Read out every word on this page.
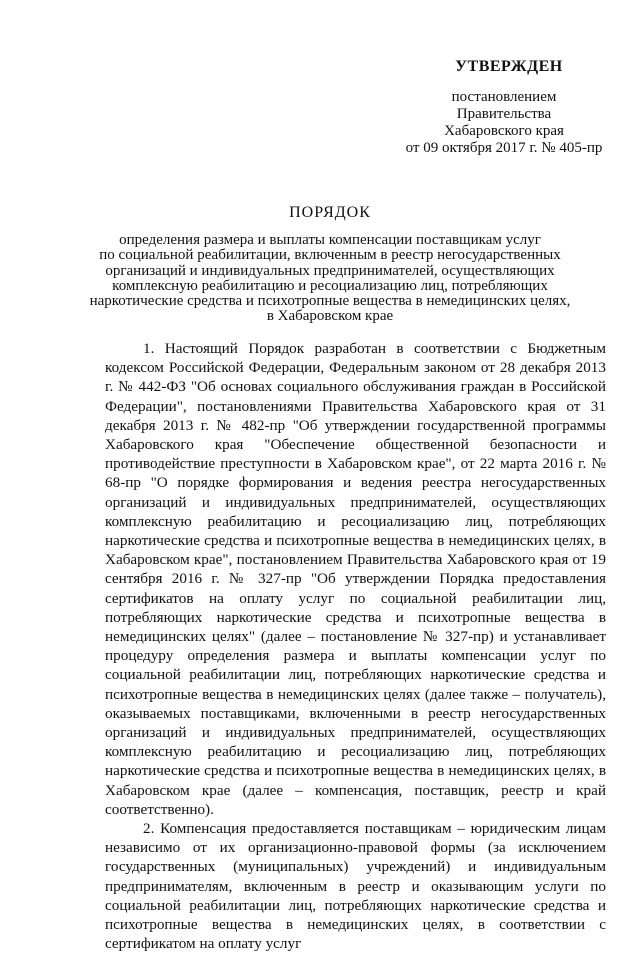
УТВЕРЖДЕН
постановлением
Правительства
Хабаровского края
от 09 октября 2017 г. № 405-пр
ПОРЯДОК
определения размера и выплаты компенсации поставщикам услуг
по социальной реабилитации, включенным в реестр негосударственных
организаций и индивидуальных предпринимателей, осуществляющих
комплексную реабилитацию и ресоциализацию лиц, потребляющих
наркотические средства и психотропные вещества в немедицинских целях,
в Хабаровском крае

1. Настоящий Порядок разработан в соответствии с Бюджетным кодексом Российской Федерации, Федеральным законом от 28 декабря 2013 г. № 442-ФЗ "Об основах социального обслуживания граждан в Российской Федерации", постановлениями Правительства Хабаровского края от 31 декабря 2013 г. № 482-пр "Об утверждении государственной программы Хабаровского края "Обеспечение общественной безопасности и противодействие преступности в Хабаровском крае", от 22 марта 2016 г. № 68-пр "О порядке формирования и ведения реестра негосударственных организаций и индивидуальных предпринимателей, осуществляющих комплексную реабилитацию и ресоциализацию лиц, потребляющих наркотические средства и психотропные вещества в немедицинских целях, в Хабаровском крае", постановлением Правительства Хабаровского края от 19 сентября 2016 г. № 327-пр "Об утверждении Порядка предоставления сертификатов на оплату услуг по социальной реабилитации лиц, потребляющих наркотические средства и психотропные вещества в немедицинских целях" (далее – постановление № 327-пр) и устанавливает процедуру определения размера и выплаты компенсации услуг по социальной реабилитации лиц, потребляющих наркотические средства и психотропные вещества в немедицинских целях (далее также – получатель), оказываемых поставщиками, включенными в реестр негосударственных организаций и индивидуальных предпринимателей, осуществляющих комплексную реабилитацию и ресоциализацию лиц, потребляющих наркотические средства и психотропные вещества в немедицинских целях, в Хабаровском крае (далее – компенсация, поставщик, реестр и край соответственно).

2. Компенсация предоставляется поставщикам – юридическим лицам независимо от их организационно-правовой формы (за исключением государственных (муниципальных) учреждений) и индивидуальным предпринимателям, включенным в реестр и оказывающим услуги по социальной реабилитации лиц, потребляющих наркотические средства и психотропные вещества в немедицинских целях, в соответствии с сертификатом на оплату услуг
